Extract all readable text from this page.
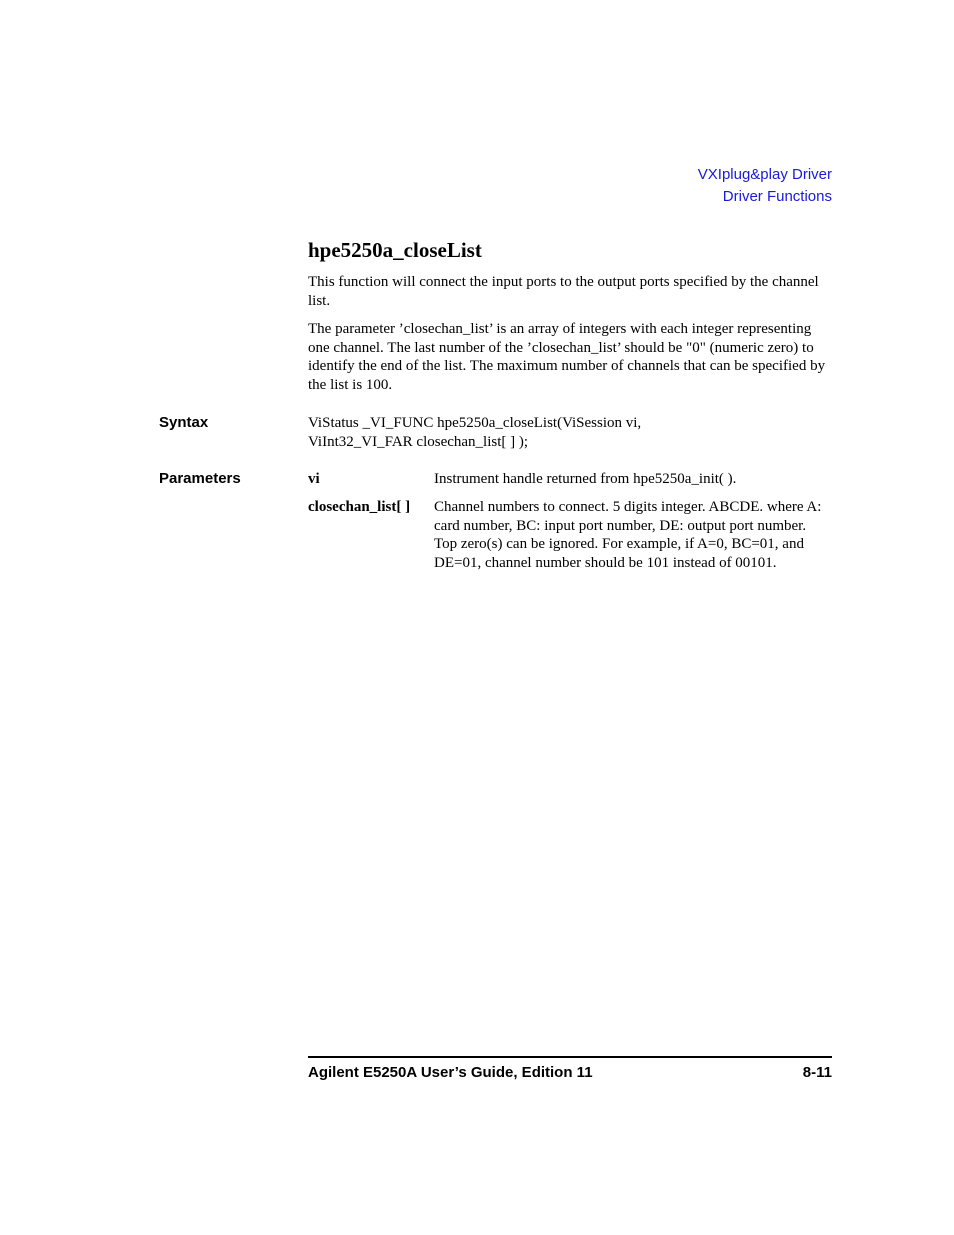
VXIplug&play Driver
Driver Functions
hpe5250a_closeList

This function will connect the input ports to the output ports specified by the channel list.

The parameter ’closechan_list’ is an array of integers with each integer representing one channel. The last number of the ’closechan_list’ should be "0" (numeric zero) to identify the end of the list. The maximum number of channels that can be specified by the list is 100.

Syntax	ViStatus _VI_FUNC hpe5250a_closeList(ViSession vi,
ViInt32_VI_FAR closechan_list[ ] );
Parameters	vi	Instrument handle returned from hpe5250a_init( ).
closechan_list[ ] Channel numbers to connect. 5 digits integer. ABCDE. where A: card number, BC: input port number, DE: output port number. Top zero(s) can be ignored. For example, if A=0, BC=01, and DE=01, channel number should be 101 instead of 00101.
Agilent E5250A User’s Guide, Edition 11	8-11
